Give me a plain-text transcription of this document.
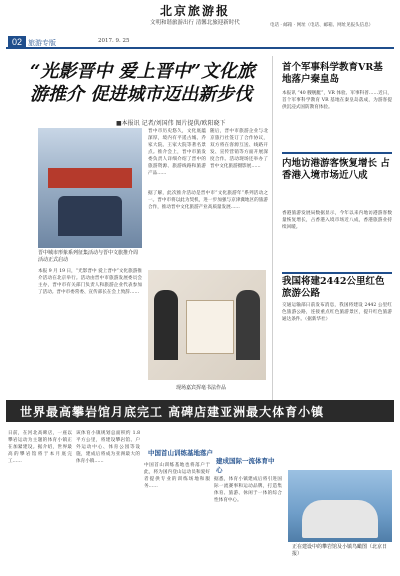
北京旅游报
文明和谐旅游出行 清馨北旅迎新时代	电话 · 邮箱 · 网址（电话、邮箱、网址见报头信息）
02 旅游专版	2017. 9. 25
“光影晋中 爱上晋中”文化旅游推介 促进城市迈出新步伐
■本报讯 记者/刘国伟 图片提供/欧阳晓下
晋中城市形象系列征集活动与晋中文旅推介周活动正式启动
本报 9 月 19 日，“光影晋中 爱上晋中”文化旅游推介活动在北京举行。活动由晋中市旅游发展委员会主办，晋中市有关部门负责人和旅游企业代表参加了活动。晋中市委常委、宣传部长在会上致辞……
晋中市历史悠久，文化底蕴深厚，境内有平遥古城、乔家大院、王家大院等著名景点。推介会上，晋中市旅发委负责人详细介绍了晋中的旅游资源、旅游线路和旅游产品……
随后，晋中市旅游企业与北京旅行社签订了合作协议，双方将在客源互送、线路开发、宣传营销等方面开展深度合作。活动现场还举办了晋中文化旅游摄影展……
据了解，此次推介活动是晋中市“文化旅游年”系列活动之一。晋中市将以此为契机，进一步加强与京津冀地区的旅游合作，推动晋中文化旅游产业高质量发展……
现场嘉宾挥毫书法作品
首个军事科学教育VR基地落户秦皇岛
本报讯 “40 艘舰艇”，VR 体验、军事科普……近日，首个军事科学教育 VR 基地在秦皇岛落成，为游客提供沉浸式国防教育体验。
内地访港游客恢复增长 占香港入境市场近八成
香港旅游发展局数据显示，今年以来内地访港游客数量恢复增长，占香港入境市场近八成，香港旅游业持续回暖。
我国将建2442公里红色旅游公路
交通运输部日前发布消息，我国将建设 2442 公里红色旅游公路，连接重点红色旅游景区，提升红色旅游通达条件。（据新华社）
世界最高攀岩馆月底完工 高碑店建亚洲最大体育小镇
日前，在河北高碑店，一座以攀岩运动为主题的体育小镇正在加紧建设。据介绍，世界最高的攀岩馆将于本月底完工……
该体育小镇规划总面积约 1.8 平方公里，将建设攀岩馆、户外运动中心、体育公园等设施，建成后将成为亚洲最大的体育小镇……
中国首山训练基地落户
中国首山训练基地也将落户于此，将为国内登山运动员和爱好者提供专业的训练场地和服务……
建成国际一流体育中心
据悉，体育小镇建成后将引进国际一流赛事和运动品牌，打造集体育、旅游、休闲于一体的综合性体育中心。
正在建设中的攀岩馆及小镇鸟瞰图（北京日报）
